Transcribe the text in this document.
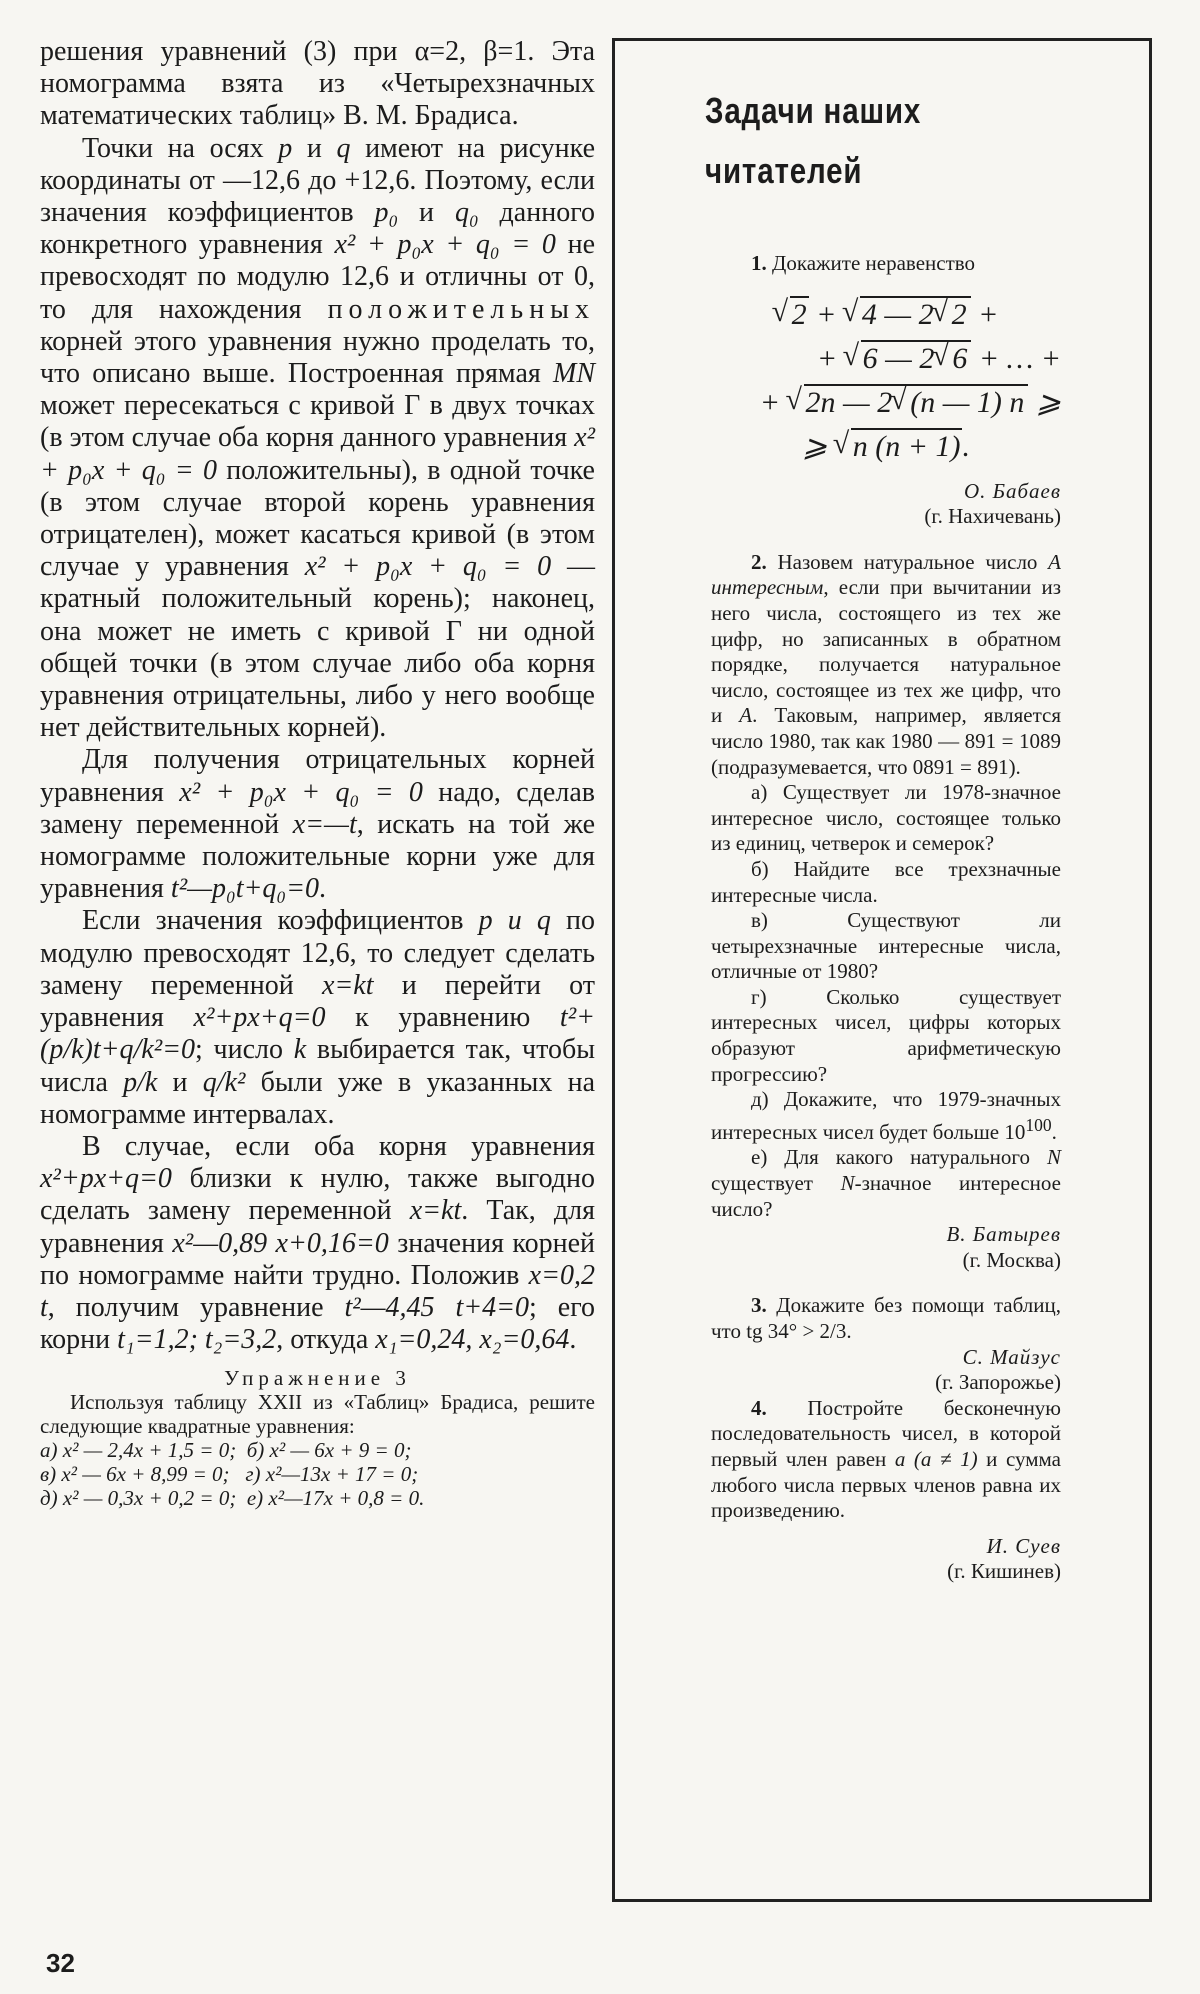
решения уравнений (3) при α=2, β=1. Эта номограмма взята из «Четырехзначных математических таблиц» В. М. Брадиса.

Точки на осях p и q имеют на рисунке координаты от —12,6 до +12,6. Поэтому, если значения коэффициентов p₀ и q₀ данного конкретного уравнения x² + p₀x + q₀ = 0 не превосходят по модулю 12,6 и отличны от 0, то для нахождения положительных корней этого уравнения нужно проделать то, что описано выше. Построенная прямая MN может пересекаться с кривой Г в двух точках (в этом случае оба корня данного уравнения x² + p₀x + q₀ = 0 положительны), в одной точке (в этом случае второй корень уравнения отрицателен), может касаться кривой (в этом случае у уравнения x² + p₀x + q₀ = 0 — кратный положительный корень); наконец, она может не иметь с кривой Г ни одной общей точки (в этом случае либо оба корня уравнения отрицательны, либо у него вообще нет действительных корней).

Для получения отрицательных корней уравнения x² + p₀x + q₀ = 0 надо, сделав замену переменной x=—t, искать на той же номограмме положительные корни уже для уравнения t²—p₀t+q₀=0.

Если значения коэффициентов p и q по модулю превосходят 12,6, то следует сделать замену переменной x=kt и перейти от уравнения x²+px+q=0 к уравнению t²+(p/k)t+q/k²=0; число k выбирается так, чтобы числа p/k и q/k² были уже в указанных на номограмме интервалах.

В случае, если оба корня уравнения x²+px+q=0 близки к нулю, также выгодно сделать замену переменной x=kt. Так, для уравнения x²—0,89 x+0,16=0 значения корней по номограмме найти трудно. Положив x=0,2 t, получим уравнение t²—4,45 t+4=0; его корни t₁=1,2; t₂=3,2, откуда x₁=0,24, x₂=0,64.

Упражнение 3

Используя таблицу XXII из «Таблиц» Брадиса, решите следующие квадратные уравнения:

а) x² — 2,4x + 1,5 = 0; б) x² — 6x + 9 = 0;

в) x² — 6x + 8,99 = 0; г) x²—13x + 17 = 0;

д) x² — 0,3x + 0,2 = 0; е) x²—17x + 0,8 = 0.

32
Задачи наших
читателей

1. Докажите неравенство

√ 2 + √ 4 — 2 √ 2 +
+ √ 6 — 2 √ 6 + … +
+ √ 2n — 2 √ (n — 1) n ⩾
⩾ √ n (n + 1).

О. Бабаев

(г. Нахичевань)

2. Назовем натуральное число А интересным, если при вычитании из него числа, состоящего из тех же цифр, но записанных в обратном порядке, получается натуральное число, состоящее из тех же цифр, что и А. Таковым, например, является число 1980, так как 1980 — 891 = 1089 (подразумевается, что 0891 = 891).

а) Существует ли 1978-значное интересное число, состоящее только из единиц, четверок и семерок?

б) Найдите все трехзначные интересные числа.

в) Существуют ли четырехзначные интересные числа, отличные от 1980?

г) Сколько существует интересных чисел, цифры которых образуют арифметическую прогрессию?

д) Докажите, что 1979-значных интересных чисел будет больше $10^{100}$.

е) Для какого натурального N существует N-значное интересное число?

В. Батырев

(г. Москва)

3. Докажите без помощи таблиц, что tg 34° > 2/3.

С. Майзус

(г. Запорожье)

4. Постройте бесконечную последовательность чисел, в которой первый член равен a (a ≠ 1) и сумма любого числа первых членов равна их произведению.

И. Суев

(г. Кишинев)
